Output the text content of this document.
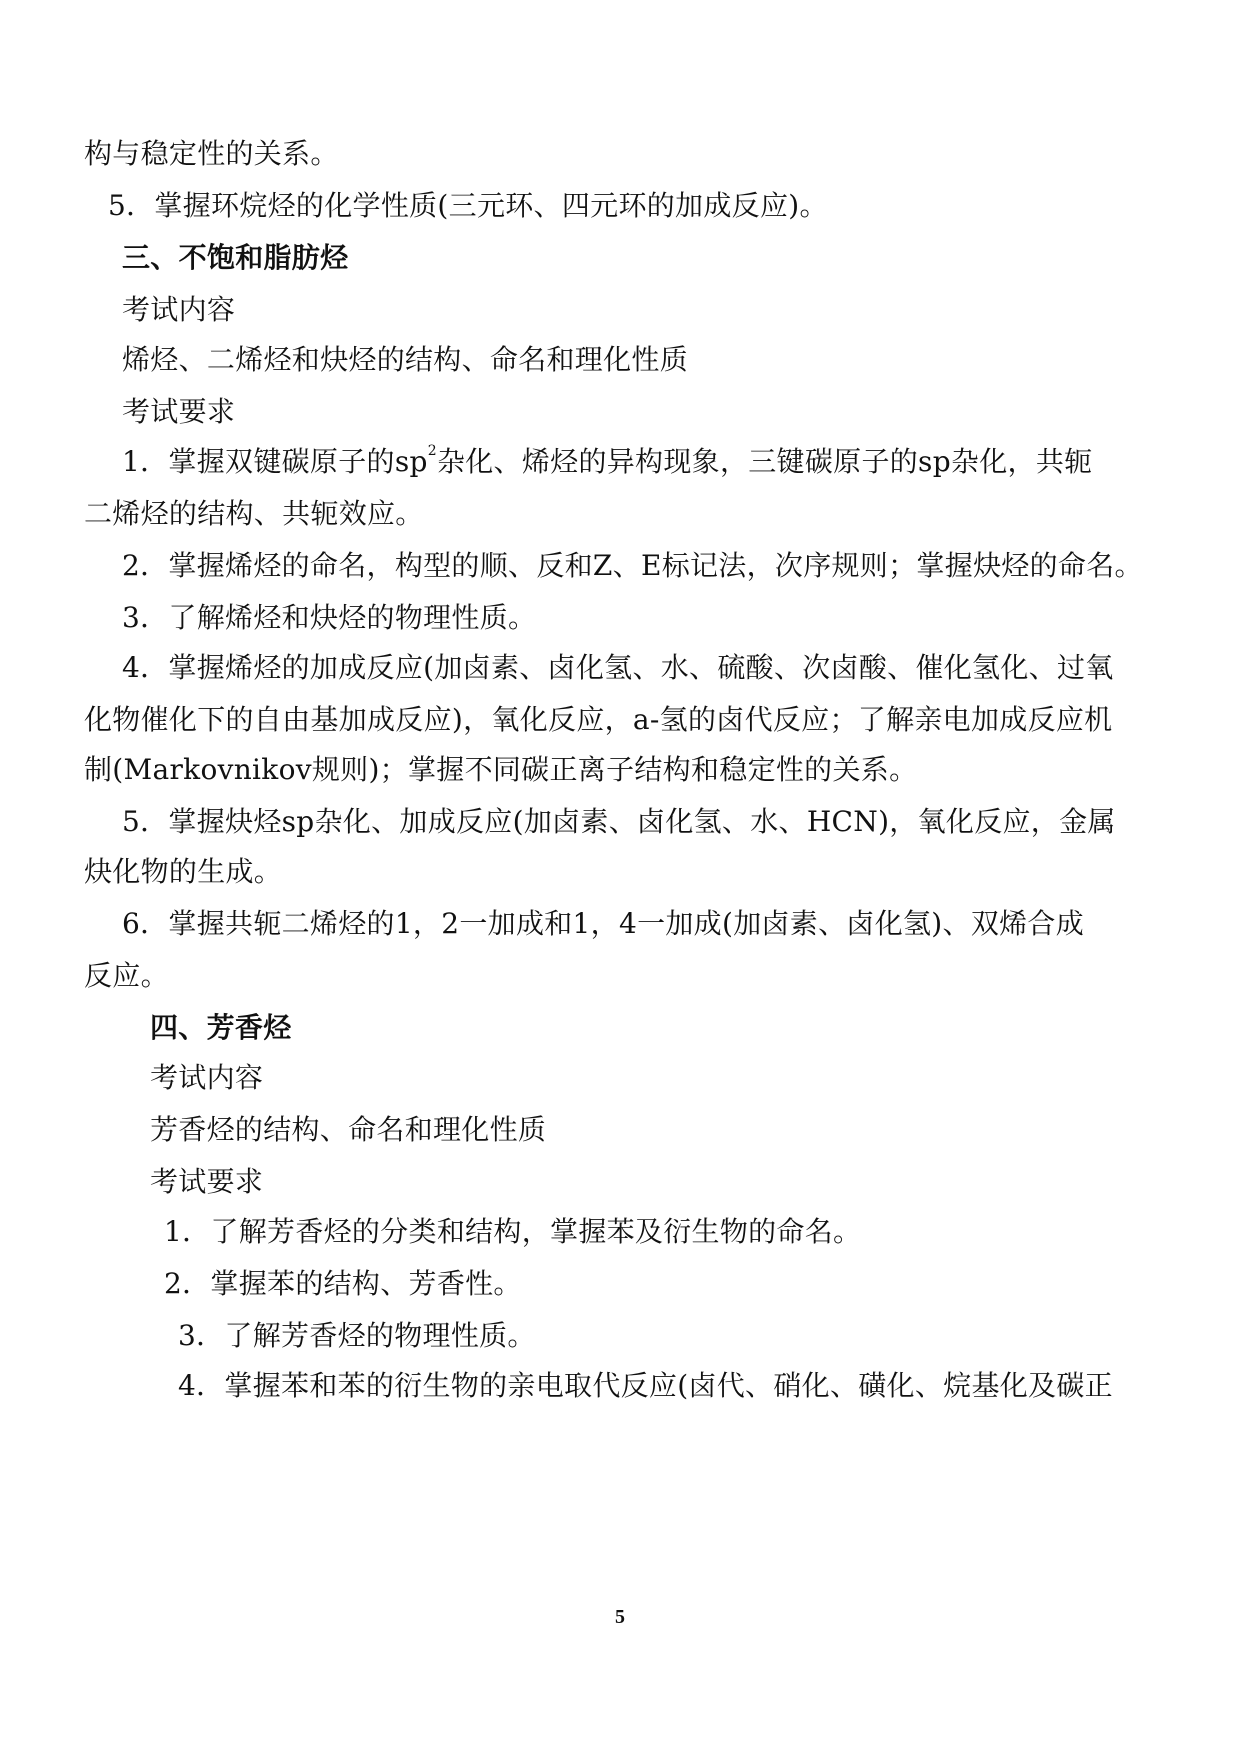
构与稳定性的关系。
5．掌握环烷烃的化学性质(三元环、四元环的加成反应)。
三、不饱和脂肪烃
考试内容
烯烃、二烯烃和炔烃的结构、命名和理化性质
考试要求
1．掌握双键碳原子的$sp^2$杂化、烯烃的异构现象，三键碳原子的sp杂化，共轭
二烯烃的结构、共轭效应。
2．掌握烯烃的命名，构型的顺、反和Z、E标记法，次序规则；掌握炔烃的命名。
3．了解烯烃和炔烃的物理性质。
4．掌握烯烃的加成反应(加卤素、卤化氢、水、硫酸、次卤酸、催化氢化、过氧
化物催化下的自由基加成反应)，氧化反应，a-氢的卤代反应；了解亲电加成反应机
制(Markovnikov规则)；掌握不同碳正离子结构和稳定性的关系。
5．掌握炔烃sp杂化、加成反应(加卤素、卤化氢、水、HCN)，氧化反应，金属
炔化物的生成。
6．掌握共轭二烯烃的1，2一加成和1，4一加成(加卤素、卤化氢)、双烯合成
反应。
四、芳香烃
考试内容
芳香烃的结构、命名和理化性质
考试要求
1．了解芳香烃的分类和结构，掌握苯及衍生物的命名。
2．掌握苯的结构、芳香性。
3．了解芳香烃的物理性质。
4．掌握苯和苯的衍生物的亲电取代反应(卤代、硝化、磺化、烷基化及碳正
5
